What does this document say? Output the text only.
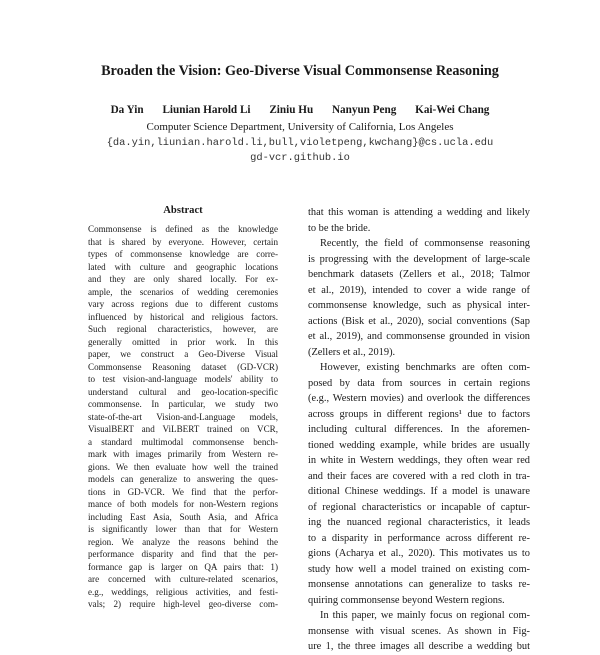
Broaden the Vision: Geo-Diverse Visual Commonsense Reasoning
Da Yin Liunian Harold Li Ziniu Hu Nanyun Peng Kai-Wei Chang
Computer Science Department, University of California, Los Angeles
{da.yin,liunian.harold.li,bull,violetpeng,kwchang}@cs.ucla.edu
gd-vcr.github.io
Abstract
Commonsense is defined as the knowledge
that is shared by everyone. However, certain
types of commonsense knowledge are corre-
lated with culture and geographic locations
and they are only shared locally. For ex-
ample, the scenarios of wedding ceremonies
vary across regions due to different customs
influenced by historical and religious factors.
Such regional characteristics, however, are
generally omitted in prior work. In this
paper, we construct a Geo-Diverse Visual
Commonsense Reasoning dataset (GD-VCR)
to test vision-and-language models' ability to
understand cultural and geo-location-specific
commonsense. In particular, we study two
state-of-the-art Vision-and-Language models,
VisualBERT and ViLBERT trained on VCR,
a standard multimodal commonsense bench-
mark with images primarily from Western re-
gions. We then evaluate how well the trained
models can generalize to answering the ques-
tions in GD-VCR. We find that the perfor-
mance of both models for non-Western regions
including East Asia, South Asia, and Africa
is significantly lower than that for Western
region. We analyze the reasons behind the
performance disparity and find that the per-
formance gap is larger on QA pairs that: 1)
are concerned with culture-related scenarios,
e.g., weddings, religious activities, and festi-
vals; 2) require high-level geo-diverse com-
that this woman is attending a wedding and likely
to be the bride.
Recently, the field of commonsense reasoning
is progressing with the development of large-scale
benchmark datasets (Zellers et al., 2018; Talmor
et al., 2019), intended to cover a wide range of
commonsense knowledge, such as physical inter-
actions (Bisk et al., 2020), social conventions (Sap
et al., 2019), and commonsense grounded in vision
(Zellers et al., 2019).
However, existing benchmarks are often com-
posed by data from sources in certain regions
(e.g., Western movies) and overlook the differences
across groups in different regions¹ due to factors
including cultural differences. In the aforemen-
tioned wedding example, while brides are usually
in white in Western weddings, they often wear red
and their faces are covered with a red cloth in tra-
ditional Chinese weddings. If a model is unaware
of regional characteristics or incapable of captur-
ing the nuanced regional characteristics, it leads
to a disparity in performance across different re-
gions (Acharya et al., 2020). This motivates us to
study how well a model trained on existing com-
monsense annotations can generalize to tasks re-
quiring commonsense beyond Western regions.
In this paper, we mainly focus on regional com-
monsense with visual scenes. As shown in Fig-
ure 1, the three images all describe a wedding but
